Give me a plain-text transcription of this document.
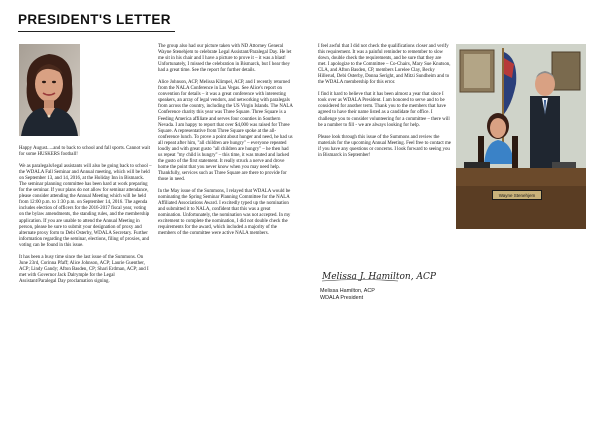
PRESIDENT'S LETTER

Happy August.....and to back to school and fall sports. Cannot wait for some HUSKERS football!

We as paralegals/legal assistants will also be going back to school – the WDALA Fall Seminar and Annual meeting, which will be held on September 13, and 14, 2016, at the Holiday Inn in Bismarck. The seminar planning committee has been hard at work preparing for the seminar. If your plans do not allow for seminar attendance, please consider attending the Annual Meeting which will be held from 12:00 p.m. to 1:30 p.m. on September 14, 2016. The agenda includes election of officers for the 2016-2017 fiscal year, voting on the bylaw amendments, the standing rules, and the membership application. If you are unable to attend the Annual Meeting in person, please be sure to submit your designation of proxy and alternate proxy form to Debi Osterby, WDALA Secretary. Further information regarding the seminar, elections, filing of proxies, and voting can be found in this issue.

It has been a busy time since the last issue of the Summons. On June 23rd, Corinna Pfaff; Alice Johnson, ACP; Laurie Guenther, ACP; Lindy Gandy; Afton Basden, CP; Shari Erdman, ACP; and I met with Governor Jack Dalrymple for the Legal Assistant/Paralegal Day proclamation signing.

The group also had our picture taken with ND Attorney General Wayne Stenehjem to celebrate Legal Assistant/Paralegal Day. He let me sit in his chair and I have a picture to prove it – it was a blast! Unfortunately, I missed the celebration in Bismarck, but I hear they had a great time. See the report for further details.

Alice Johnson, ACP, Melissa Klimpel, ACP, and I recently returned from the NALA Conference in Las Vegas. See Alice's report on convention for details – it was a great conference with interesting speakers, an array of legal vendors, and networking with paralegals from across the country, including the US Virgin Islands. The NALA Conference charity this year was Three Square. Three Square is a Feeding America affiliate and serves four counties in Southern Nevada. I am happy to report that over $4,000 was raised for Three Square. A representative from Three Square spoke at the all-conference lunch. To prove a point about hunger and need, he had us all repeat after him, "all children are hungry" – everyone repeated loudly and with great gusto "all children are hungry" – he then had us repeat "my child is hungry" – this time, it was muted and lacked the gusto of the first statement. It really struck a nerve and drove home the point that you never know when you may need help. Thankfully, services such as Three Square are there to provide for those in need.

In the May issue of the Summons, I relayed that WDALA would be nominating the Spring Seminar Planning Committee for the NALA Affiliated Associations Award. I excitedly typed up the nomination and submitted it to NALA, confident that this was a great nomination. Unfortunately, the nomination was not accepted. In my excitement to complete the nomination, I did not double check the requirements for the award, which included a majority of the members of the committee were active NALA members.

I feel awful that I did not check the qualifications closer and verify this requirement. It was a painful reminder to remember to slow down, double check the requirements, and be sure that they are met. I apologize to the Committee – Co-Chairs, Mary Sue Knutson, CLA, and Afton Basden, CP, members Lorelee Clay, Becky Hillerud, Debi Osterby, Donna Seright, and Mitzi Sundheim and to the WDALA membership for this error.

I find it hard to believe that it has been almost a year that since I took over as WDALA President. I am honored to serve and to be considered for another term. Thank you to the members that have agreed to have their name listed as a candidate for office. I challenge you to consider volunteering for a committee – there will be a number to fill - we are always looking for help.

Please look through this issue of the Summons and review the materials for the upcoming Annual Meeting. Feel free to contact me if you have any questions or concerns. I look forward to seeing you in Bismarck in September!

Melissa J. Hamilton, ACP
Melissa Hamilton, ACP
WDALA President
Wayne Stenehjem
